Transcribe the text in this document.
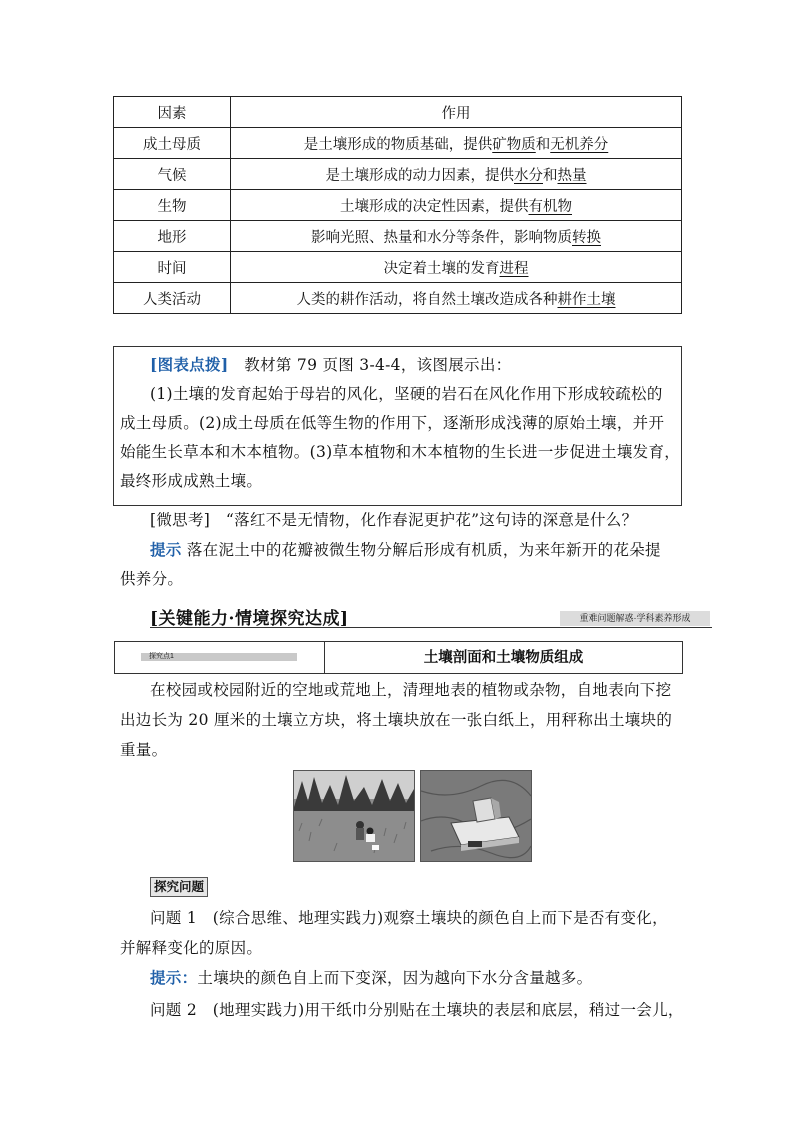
因素	作用
成土母质	是土壤形成的物质基础，提供矿物质和无机养分
气候	是土壤形成的动力因素，提供水分和热量
生物	土壤形成的决定性因素，提供有机物
地形	影响光照、热量和水分等条件，影响物质转换
时间	决定着土壤的发育进程
人类活动	人类的耕作活动，将自然土壤改造成各种耕作土壤
[图表点拨]　 教材第 79 页图 3-4-4，该图展示出：
(1)土壤的发育起始于母岩的风化，坚硬的岩石在风化作用下形成较疏松的
成土母质。(2)成土母质在低等生物的作用下，逐渐形成浅薄的原始土壤，并开
始能生长草本和木本植物。(3)草本植物和木本植物的生长进一步促进土壤发育，
最终形成成熟土壤。
[微思考]　 “落红不是无情物，化作春泥更护花”这句诗的深意是什么？
提示 落在泥土中的花瓣被微生物分解后形成有机质，为来年新开的花朵提
供养分。
[关键能力·情境探究达成]	重难问题解惑·学科素养形成
探究点1	土壤剖面和土壤物质组成
在校园或校园附近的空地或荒地上，清理地表的植物或杂物，自地表向下挖
出边长为 20 厘米的土壤立方块，将土壤块放在一张白纸上，用秤称出土壤块的
重量。
探究问题
问题 1　(综合思维、地理实践力)观察土壤块的颜色自上而下是否有变化，
并解释变化的原因。
提示：土壤块的颜色自上而下变深，因为越向下水分含量越多。
问题 2　(地理实践力)用干纸巾分别贴在土壤块的表层和底层，稍过一会儿，
